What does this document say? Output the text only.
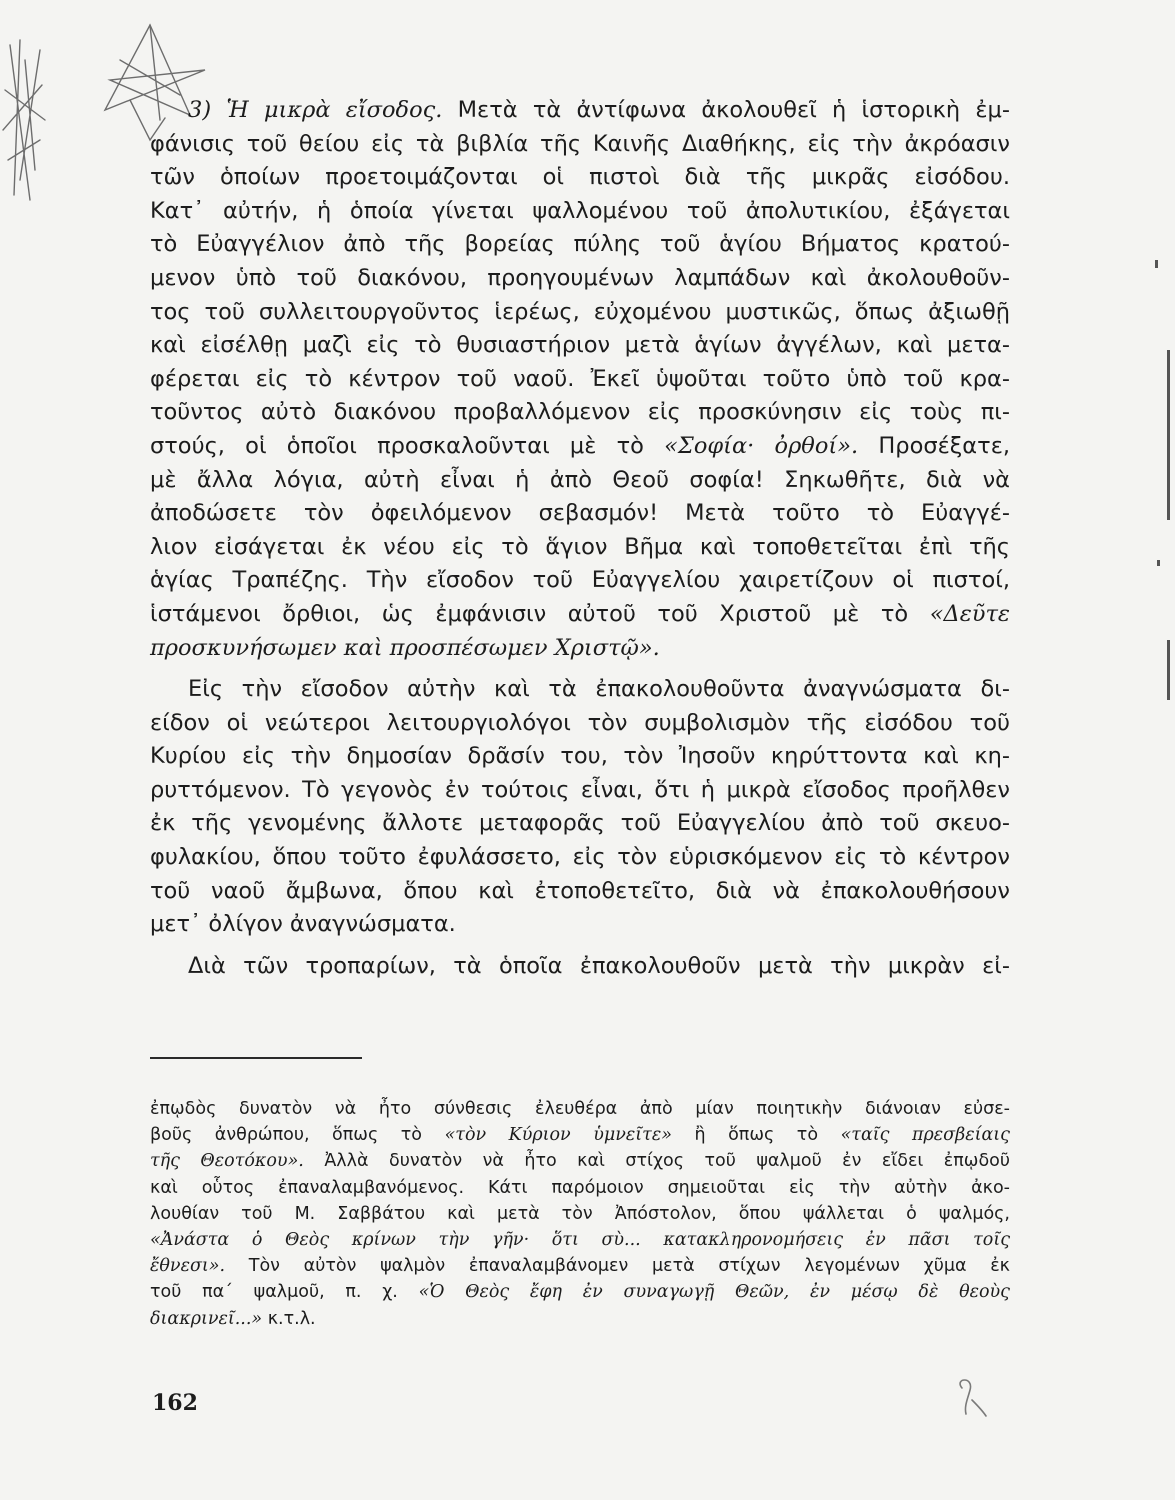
3) Ἡ μικρὰ εἴσοδος. Μετὰ τὰ ἀντίφωνα ἀκολουθεῖ ἡ ἱστορικὴ ἐμ-
φάνισις τοῦ θείου εἰς τὰ βιβλία τῆς Καινῆς Διαθήκης, εἰς τὴν ἀκρόασιν
τῶν ὁποίων προετοιμάζονται οἱ πιστοὶ διὰ τῆς μικρᾶς εἰσόδου.
Κατ᾽ αὐτήν, ἡ ὁποία γίνεται ψαλλομένου τοῦ ἀπολυτικίου, ἐξάγεται
τὸ Εὐαγγέλιον ἀπὸ τῆς βορείας πύλης τοῦ ἁγίου Βήματος κρατού-
μενον ὑπὸ τοῦ διακόνου, προηγουμένων λαμπάδων καὶ ἀκολουθοῦν-
τος τοῦ συλλειτουργοῦντος ἱερέως, εὐχομένου μυστικῶς, ὅπως ἀξιωθῇ
καὶ εἰσέλθῃ μαζὶ εἰς τὸ θυσιαστήριον μετὰ ἁγίων ἀγγέλων, καὶ μετα-
φέρεται εἰς τὸ κέντρον τοῦ ναοῦ. Ἐκεῖ ὑψοῦται τοῦτο ὑπὸ τοῦ κρα-
τοῦντος αὐτὸ διακόνου προβαλλόμενον εἰς προσκύνησιν εἰς τοὺς πι-
στούς, οἱ ὁποῖοι προσκαλοῦνται μὲ τὸ «Σοφία· ὀρθοί». Προσέξατε,
μὲ ἄλλα λόγια, αὐτὴ εἶναι ἡ ἀπὸ Θεοῦ σοφία! Σηκωθῆτε, διὰ νὰ
ἀποδώσετε τὸν ὀφειλόμενον σεβασμόν! Μετὰ τοῦτο τὸ Εὐαγγέ-
λιον εἰσάγεται ἐκ νέου εἰς τὸ ἅγιον Βῆμα καὶ τοποθετεῖται ἐπὶ τῆς
ἁγίας Τραπέζης. Τὴν εἴσοδον τοῦ Εὐαγγελίου χαιρετίζουν οἱ πιστοί,
ἱστάμενοι ὄρθιοι, ὡς ἐμφάνισιν αὐτοῦ τοῦ Χριστοῦ μὲ τὸ «Δεῦτε
προσκυνήσωμεν καὶ προσπέσωμεν Χριστῷ».

Εἰς τὴν εἴσοδον αὐτὴν καὶ τὰ ἐπακολουθοῦντα ἀναγνώσματα δι-
είδον οἱ νεώτεροι λειτουργιολόγοι τὸν συμβολισμὸν τῆς εἰσόδου τοῦ
Κυρίου εἰς τὴν δημοσίαν δρᾶσίν του, τὸν Ἰησοῦν κηρύττοντα καὶ κη-
ρυττόμενον. Τὸ γεγονὸς ἐν τούτοις εἶναι, ὅτι ἡ μικρὰ εἴσοδος προῆλθεν
ἐκ τῆς γενομένης ἄλλοτε μεταφορᾶς τοῦ Εὐαγγελίου ἀπὸ τοῦ σκευο-
φυλακίου, ὅπου τοῦτο ἐφυλάσσετο, εἰς τὸν εὑρισκόμενον εἰς τὸ κέντρον
τοῦ ναοῦ ἄμβωνα, ὅπου καὶ ἐτοποθετεῖτο, διὰ νὰ ἐπακολουθήσουν
μετ᾽ ὀλίγον ἀναγνώσματα.

Διὰ τῶν τροπαρίων, τὰ ὁποῖα ἐπακολουθοῦν μετὰ τὴν μικρὰν εἰ-

ἐπῳδὸς δυνατὸν νὰ ἦτο σύνθεσις ἐλευθέρα ἀπὸ μίαν ποιητικὴν διάνοιαν εὐσε-
βοῦς ἀνθρώπου, ὅπως τὸ «τὸν Κύριον ὑμνεῖτε» ἢ ὅπως τὸ «ταῖς πρεσβείαις
τῆς Θεοτόκου». Ἀλλὰ δυνατὸν νὰ ἦτο καὶ στίχος τοῦ ψαλμοῦ ἐν εἴδει ἐπῳδοῦ
καὶ οὗτος ἐπαναλαμβανόμενος. Κάτι παρόμοιον σημειοῦται εἰς τὴν αὐτὴν ἀκο-
λουθίαν τοῦ Μ. Σαββάτου καὶ μετὰ τὸν Ἀπόστολον, ὅπου ψάλλεται ὁ ψαλμός,
«Ἀνάστα ὁ Θεὸς κρίνων τὴν γῆν· ὅτι σὺ... κατακληρονομήσεις ἐν πᾶσι τοῖς
ἔθνεσι». Τὸν αὐτὸν ψαλμὸν ἐπαναλαμβάνομεν μετὰ στίχων λεγομένων χῦμα ἐκ
τοῦ πα´ ψαλμοῦ, π. χ. «Ὁ Θεὸς ἔφη ἐν συναγωγῇ Θεῶν, ἐν μέσῳ δὲ θεοὺς
διακρινεῖ...» κ.τ.λ.
162
